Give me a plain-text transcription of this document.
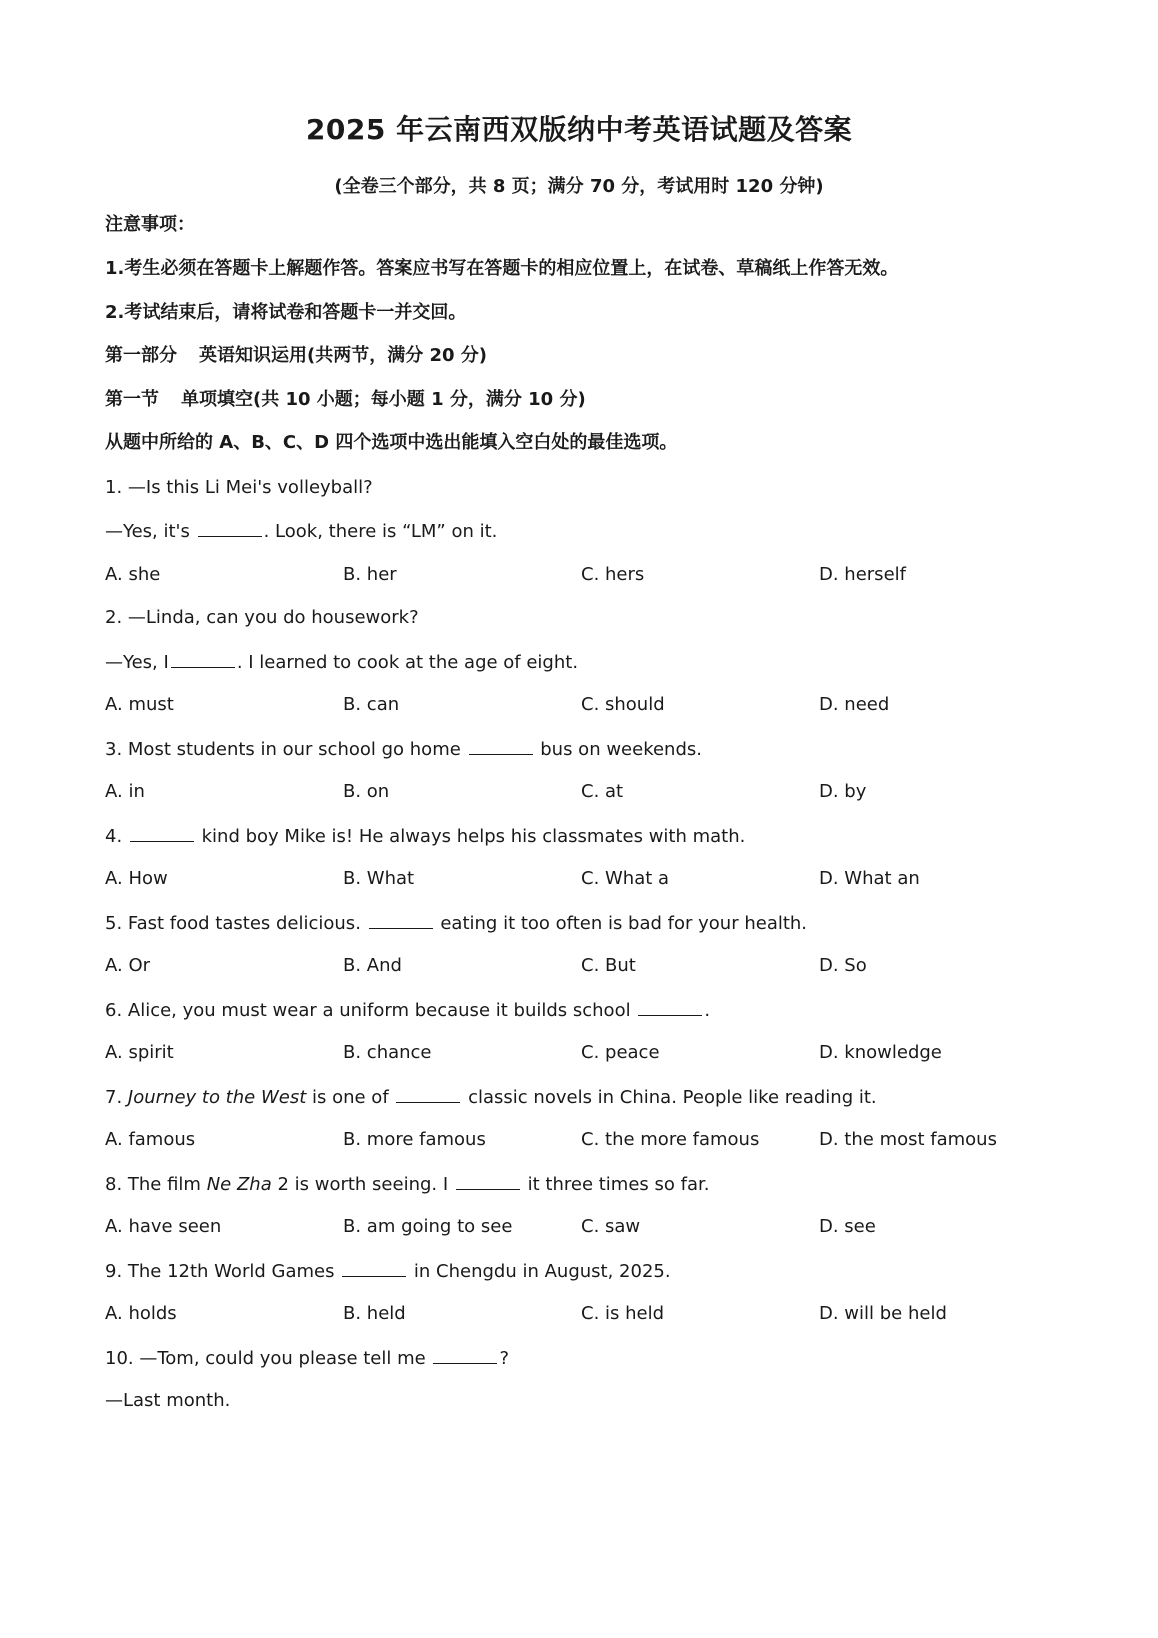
2025 年云南西双版纳中考英语试题及答案
(全卷三个部分，共 8 页；满分 70 分，考试用时 120 分钟)
注意事项：
1.考生必须在答题卡上解题作答。答案应书写在答题卡的相应位置上，在试卷、草稿纸上作答无效。
2.考试结束后，请将试卷和答题卡一并交回。
第一部分 英语知识运用(共两节，满分 20 分)
第一节 单项填空(共 10 小题；每小题 1 分，满分 10 分)
从题中所给的 A、B、C、D 四个选项中选出能填入空白处的最佳选项。
1. —Is this Li Mei's volleyball?
—Yes, it's	. Look, there is “LM” on it.
A. she	B. her	C. hers	D. herself
2. —Linda, can you do housework?
—Yes, I	. I learned to cook at the age of eight.
A. must	B. can	C. should	D. need
3. Most students in our school go home	bus on weekends.
A. in	B. on	C. at	D. by
4.	kind boy Mike is! He always helps his classmates with math.
A. How	B. What	C. What a	D. What an
5. Fast food tastes delicious.	eating it too often is bad for your health.
A. Or	B. And	C. But	D. So
6. Alice, you must wear a uniform because it builds school	.
A. spirit	B. chance	C. peace	D. knowledge
7. Journey to the West is one of	classic novels in China. People like reading it.
A. famous	B. more famous	C. the more famous	D. the most famous
8. The film Ne Zha 2 is worth seeing. I	it three times so far.
A. have seen	B. am going to see	C. saw	D. see
9. The 12th World Games	in Chengdu in August, 2025.
A. holds	B. held	C. is held	D. will be held
10. —Tom, could you please tell me	?
—Last month.
